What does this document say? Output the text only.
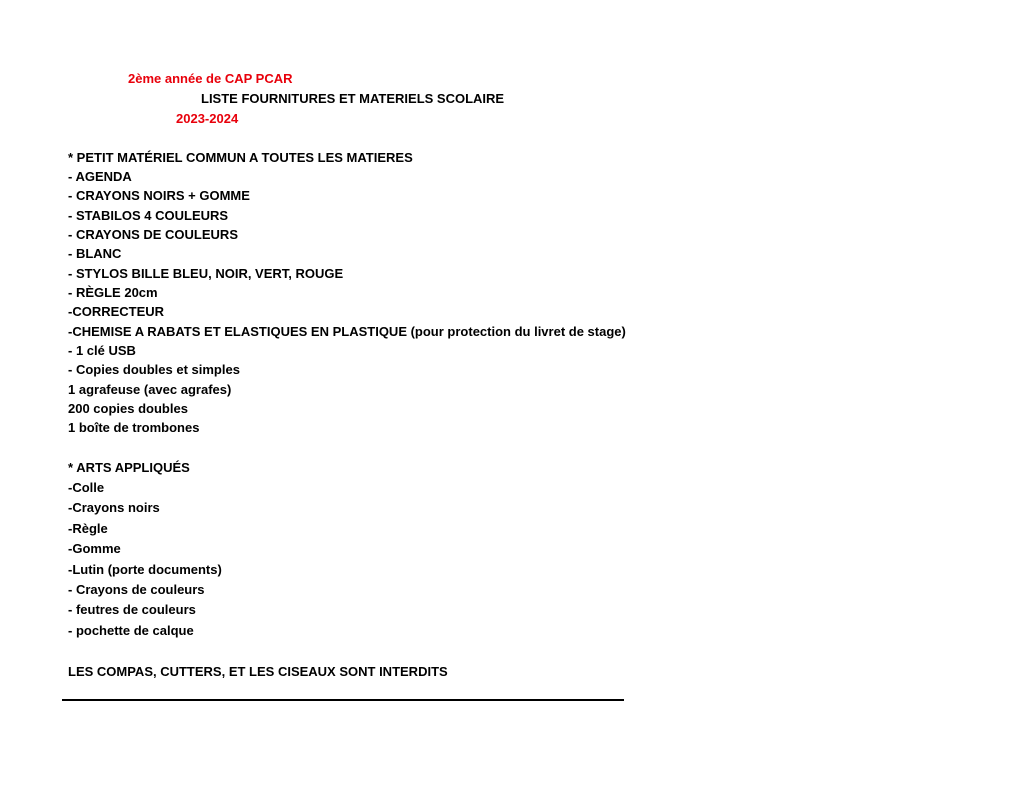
2ème année de CAP PCAR
LISTE FOURNITURES ET MATERIELS SCOLAIRE
2023-2024
* PETIT MATÉRIEL COMMUN A TOUTES LES MATIERES
- AGENDA
- CRAYONS NOIRS + GOMME
- STABILOS 4 COULEURS
- CRAYONS DE COULEURS
- BLANC
- STYLOS BILLE BLEU, NOIR, VERT, ROUGE
- RÈGLE 20cm
-CORRECTEUR
-CHEMISE A RABATS ET ELASTIQUES EN PLASTIQUE (pour protection du livret de stage)
- 1 clé USB
- Copies doubles et simples
1 agrafeuse (avec agrafes)
200 copies doubles
1 boîte de trombones
* ARTS APPLIQUÉS
-Colle
-Crayons noirs
-Règle
-Gomme
-Lutin (porte documents)
- Crayons de couleurs
- feutres de couleurs
- pochette de calque
LES COMPAS, CUTTERS, ET LES CISEAUX SONT INTERDITS
